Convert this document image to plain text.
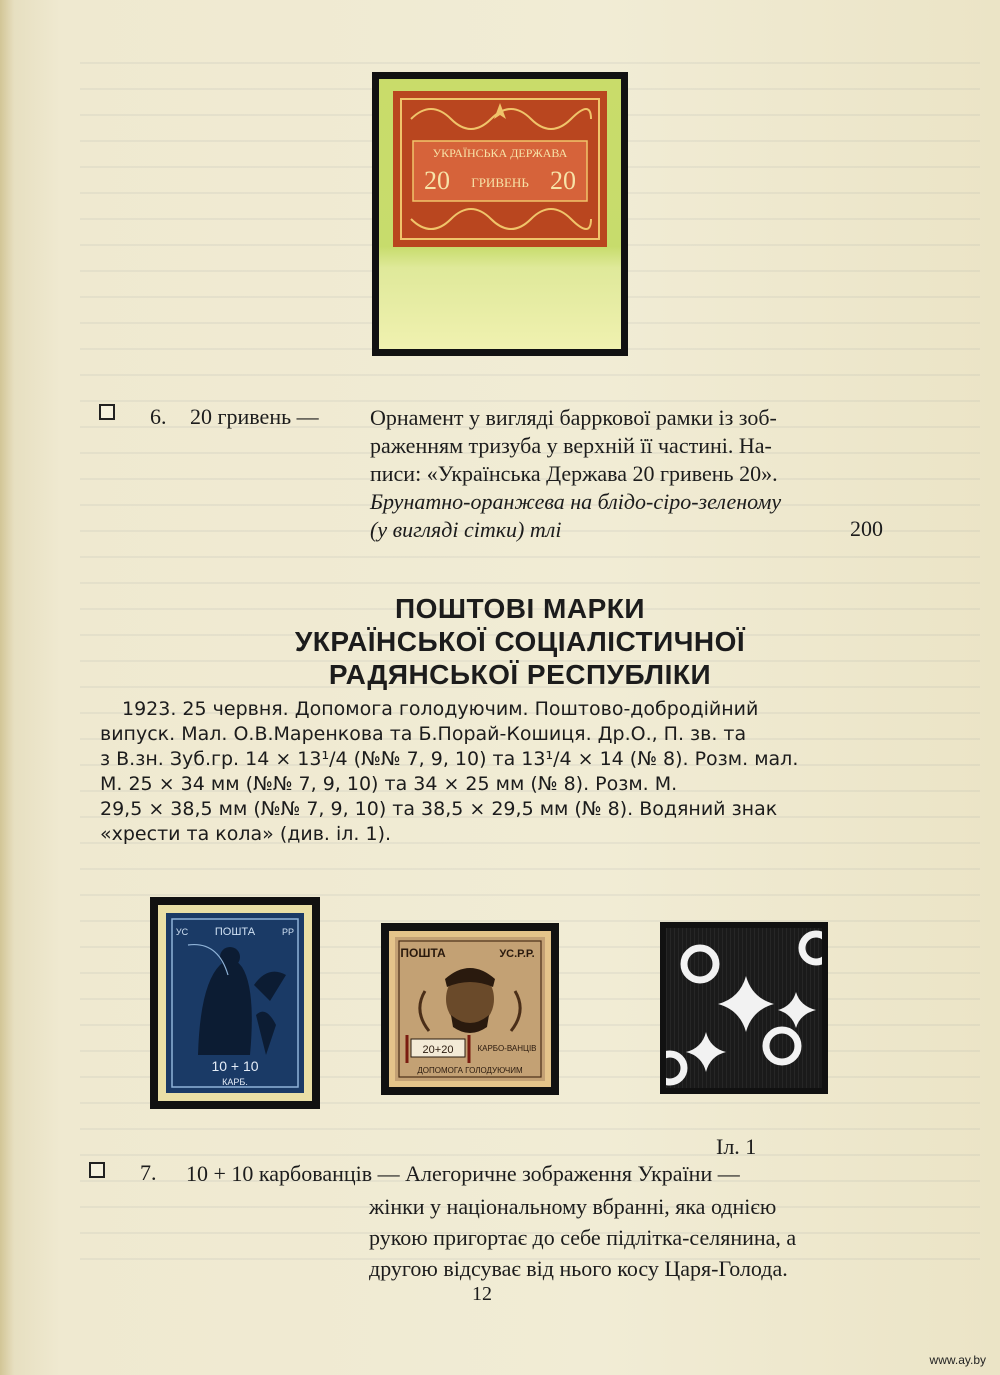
УКРАЇНСЬКА ДЕРЖАВА
20 ГРИВЕНЬ 20
6. 20 гривень — Орнамент у вигляді барркової рамки із зоб-
раженням тризуба у верхній її частині. На-
писи: «Українська Держава 20 гривень 20».
Брунатно-оранжева на блідо-сіро-зеленому
(у вигляді сітки) тлі	200
ПОШТОВІ МАРКИ
УКРАЇНСЬКОЇ СОЦІАЛІСТИЧНОЇ
РАДЯНСЬКОЇ РЕСПУБЛІКИ
1923. 25 червня. Допомога голодуючим. Поштово-добродійний
випуск. Мал. О.В.Маренкова та Б.Порай-Кошиця. Др.О., П. зв. та
з В.зн. Зуб.гр. 14 × 13¹/4 (№№ 7, 9, 10) та 13¹/4 × 14 (№ 8). Розм. мал.
М. 25 × 34 мм (№№ 7, 9, 10) та 34 × 25 мм (№ 8). Розм. М.
29,5 × 38,5 мм (№№ 7, 9, 10) та 38,5 × 29,5 мм (№ 8). Водяний знак
«хрести та кола» (див. іл. 1).
ПОШТА
УС	РР
10 + 10
КАРБ.
ПОШТА	УС.Р.Р.
20+20	КАРБО-ВАНЦІВ
ДОПОМОГА ГОЛОДУЮЧИМ
Іл. 1
7. 10 + 10 карбованців — Алегоричне зображення України —
жінки у національному вбранні, яка однією
рукою пригортає до себе підлітка-селянина, а
другою відсуває від нього косу Царя-Голода.
12
www.ay.by
